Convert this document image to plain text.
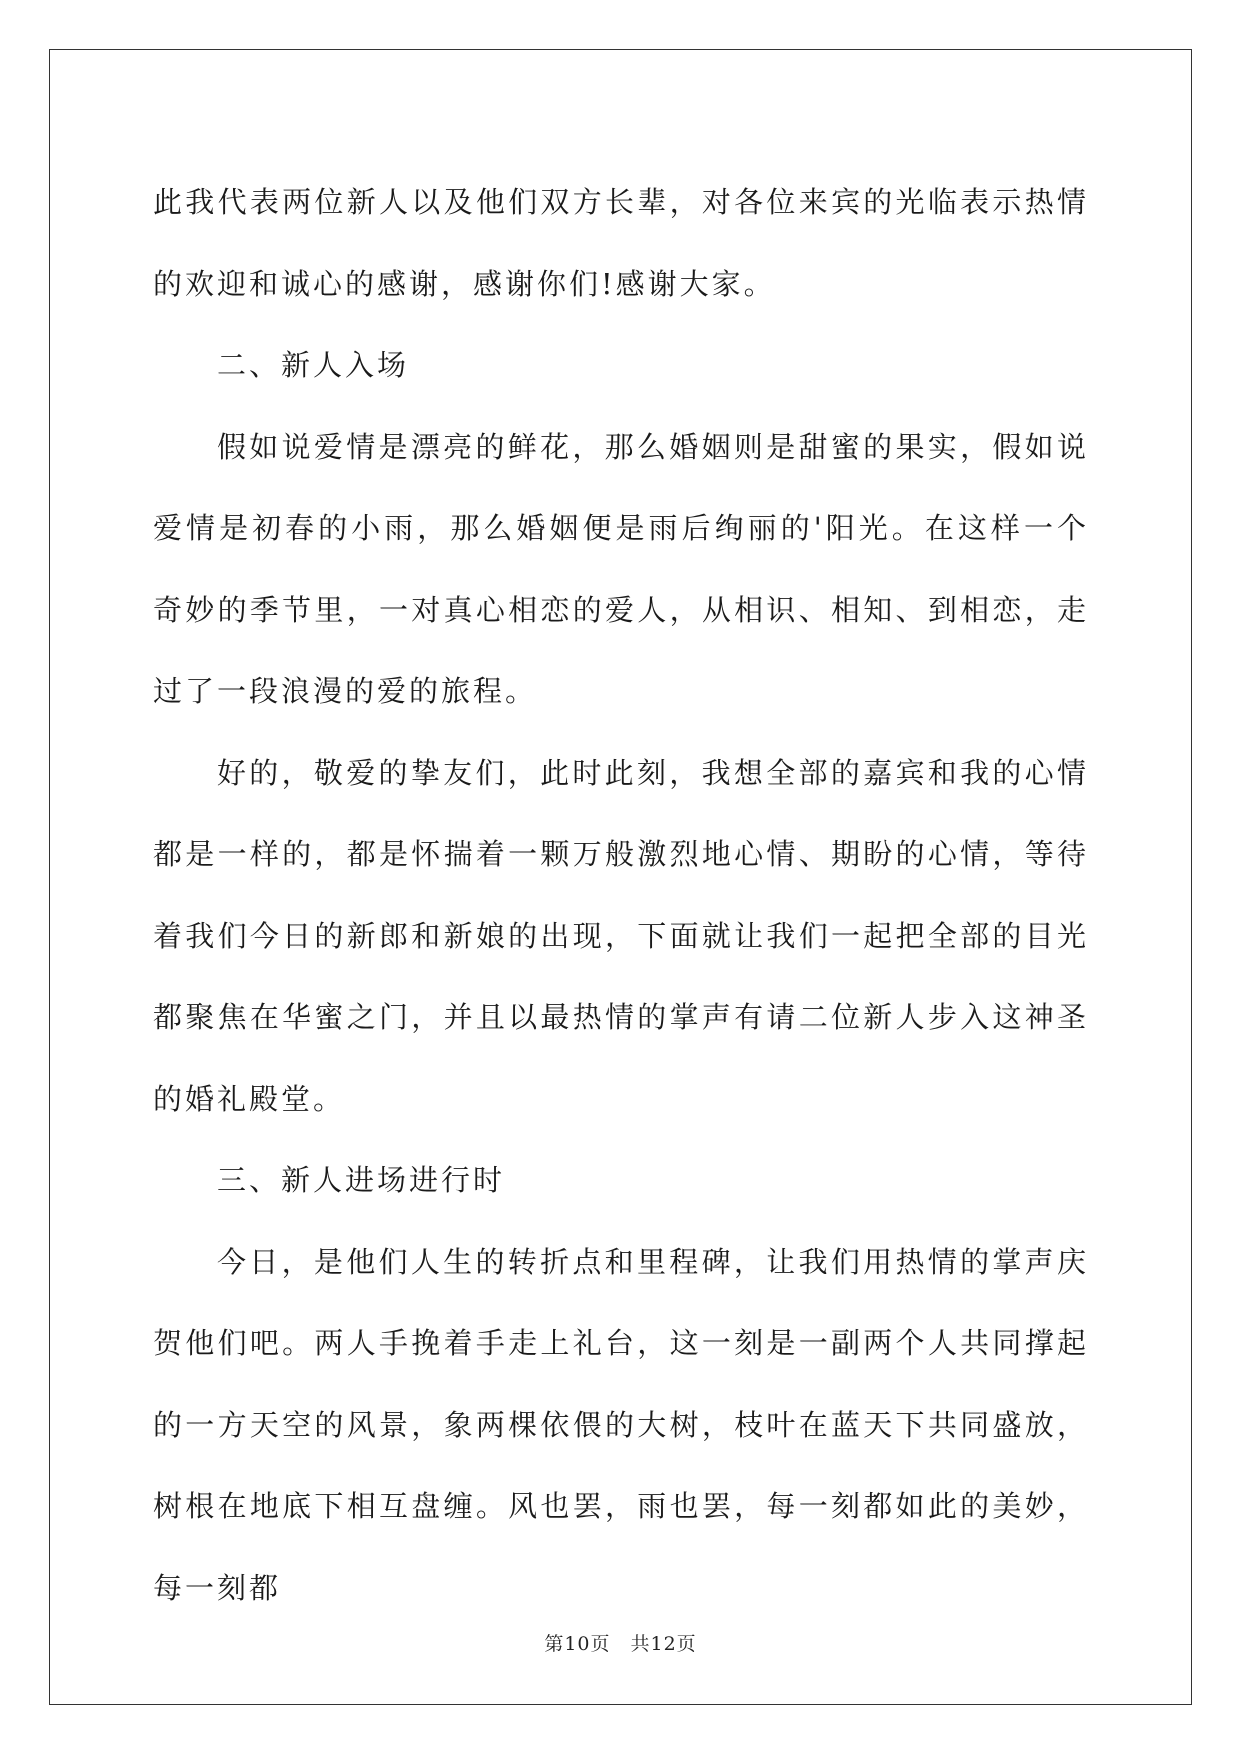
此我代表两位新人以及他们双方长辈，对各位来宾的光临表示热情的欢迎和诚心的感谢，感谢你们!感谢大家。

二、新人入场

假如说爱情是漂亮的鲜花，那么婚姻则是甜蜜的果实，假如说爱情是初春的小雨，那么婚姻便是雨后绚丽的'阳光。在这样一个奇妙的季节里，一对真心相恋的爱人，从相识、相知、到相恋，走过了一段浪漫的爱的旅程。

好的，敬爱的挚友们，此时此刻，我想全部的嘉宾和我的心情都是一样的，都是怀揣着一颗万般激烈地心情、期盼的心情，等待着我们今日的新郎和新娘的出现，下面就让我们一起把全部的目光都聚焦在华蜜之门，并且以最热情的掌声有请二位新人步入这神圣的婚礼殿堂。

三、新人进场进行时

今日，是他们人生的转折点和里程碑，让我们用热情的掌声庆贺他们吧。两人手挽着手走上礼台，这一刻是一副两个人共同撑起的一方天空的风景，象两棵依偎的大树，枝叶在蓝天下共同盛放，树根在地底下相互盘缠。风也罢，雨也罢，每一刻都如此的美妙，每一刻都

第10页　共12页
